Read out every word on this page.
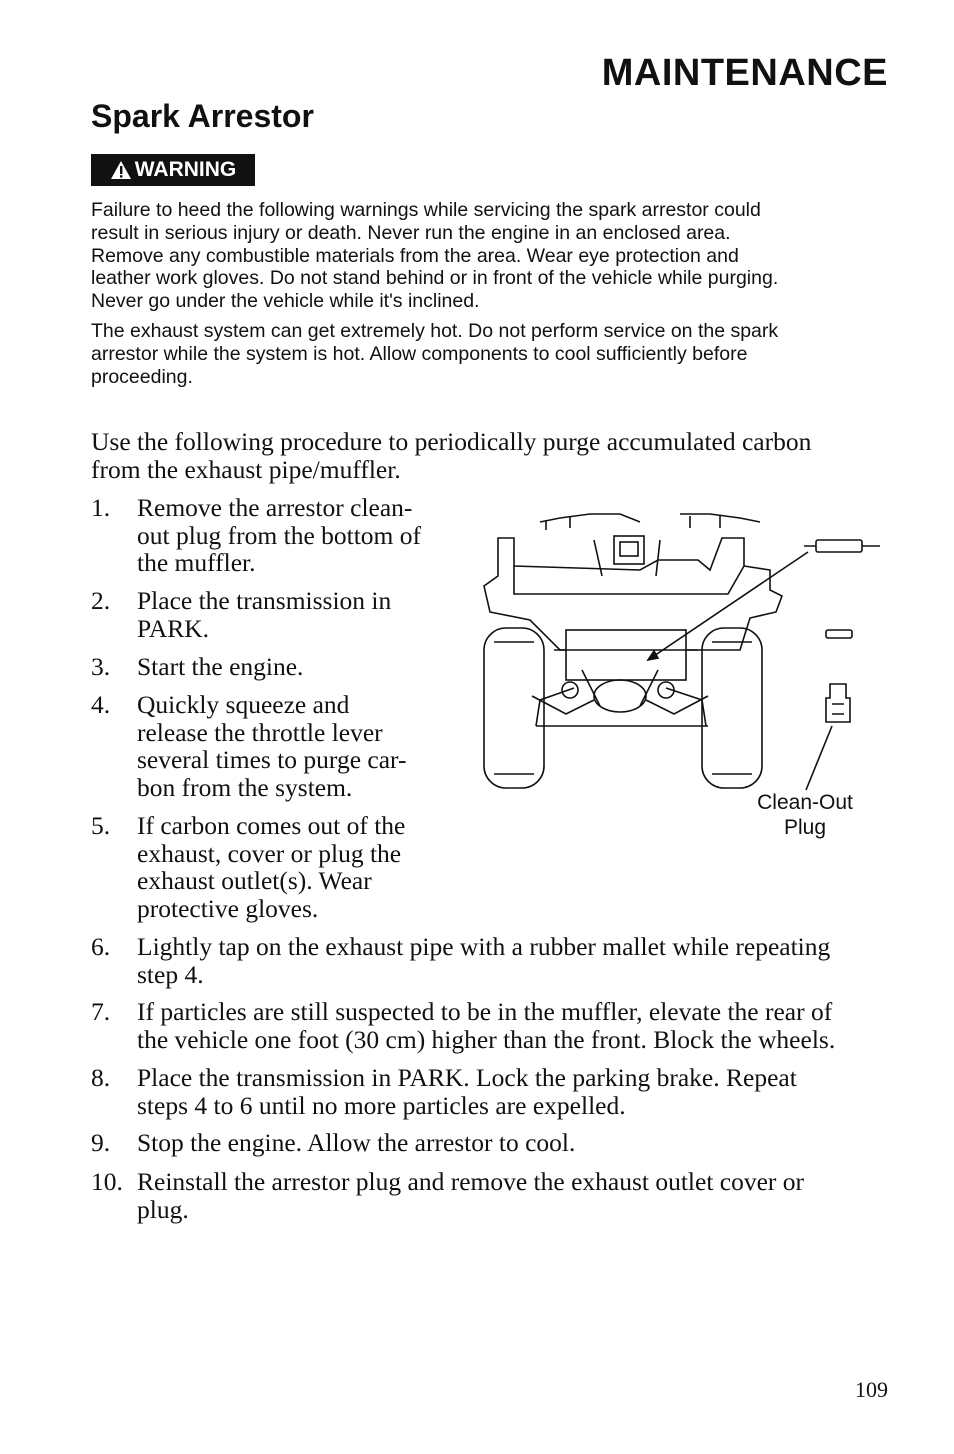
MAINTENANCE
Spark Arrestor
WARNING
Failure to heed the following warnings while servicing the spark arrestor could
result in serious injury or death. Never run the engine in an enclosed area.
Remove any combustible materials from the area. Wear eye protection and
leather work gloves. Do not stand behind or in front of the vehicle while purging.
Never go under the vehicle while it's inclined.
The exhaust system can get extremely hot. Do not perform service on the spark
arrestor while the system is hot. Allow components to cool sufficiently before
proceeding.
Use the following procedure to periodically purge accumulated carbon
from the exhaust pipe/muffler.
1. Remove the arrestor clean-
out plug from the bottom of
the muffler.
2. Place the transmission in
PARK.
3. Start the engine.
4. Quickly squeeze and
release the throttle lever
several times to purge car-
bon from the system.
5. If carbon comes out of the
exhaust, cover or plug the
exhaust outlet(s). Wear
protective gloves.
6. Lightly tap on the exhaust pipe with a rubber mallet while repeating
step 4.
7. If particles are still suspected to be in the muffler, elevate the rear of
the vehicle one foot (30 cm) higher than the front. Block the wheels.
8. Place the transmission in PARK. Lock the parking brake. Repeat
steps 4 to 6 until no more particles are expelled.
9. Stop the engine. Allow the arrestor to cool.
10. Reinstall the arrestor plug and remove the exhaust outlet cover or
plug.
Clean-Out
Plug
109
